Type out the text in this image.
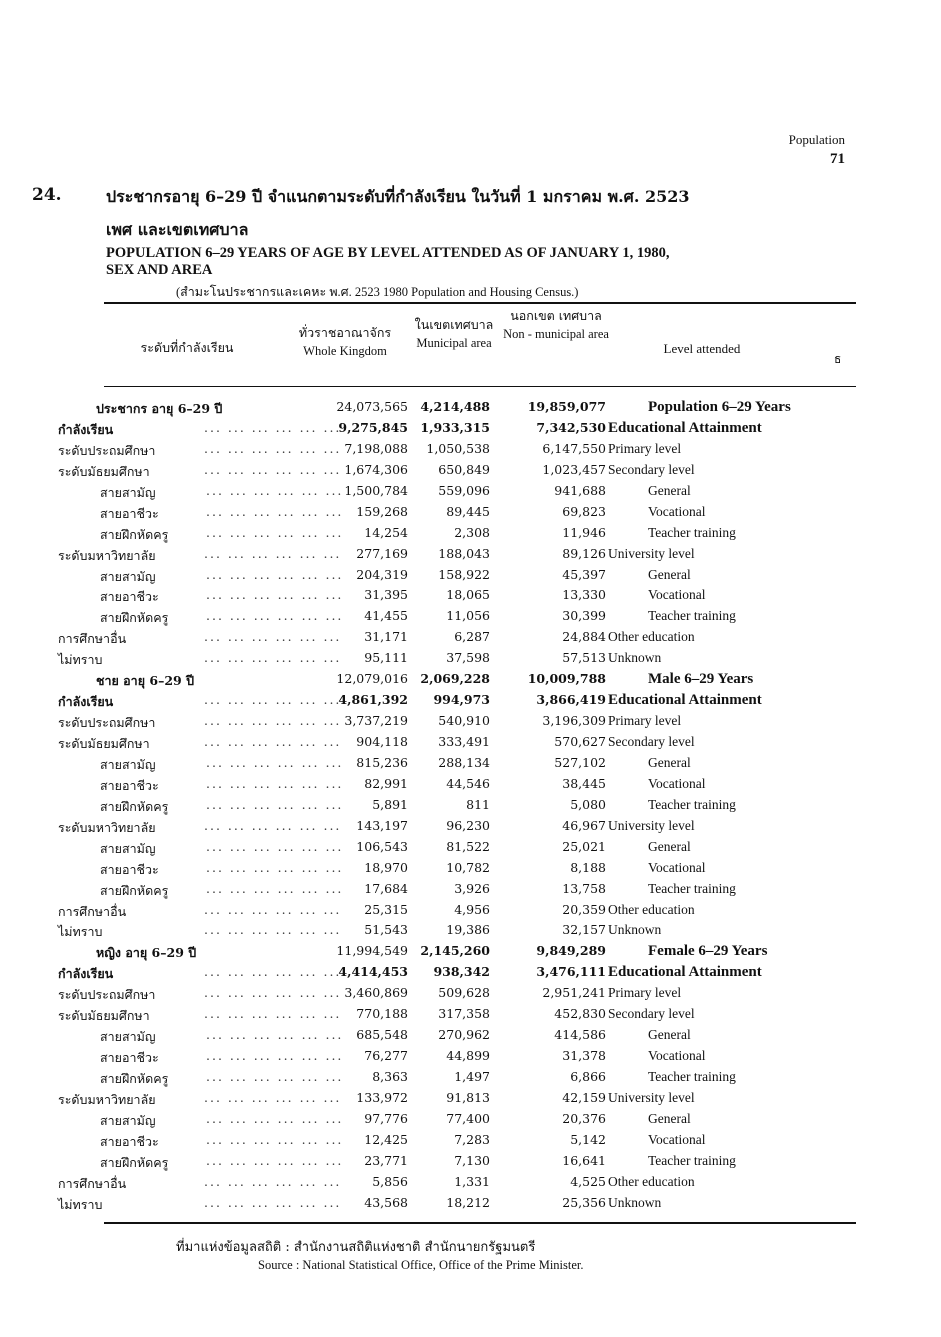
Population
71
24.	ประชากรอายุ 6–29 ปี จำแนกตามระดับที่กำลังเรียน ในวันที่ 1 มกราคม พ.ศ. 2523
เพศ และเขตเทศบาล
POPULATION 6–29 YEARS OF AGE BY LEVEL ATTENDED AS OF JANUARY 1, 1980,
SEX AND AREA
(สำมะโนประชากรและเคหะ พ.ศ. 2523 1980 Population and Housing Census.)
ระดับที่กำลังเรียน
ทั่วราชอาณาจักร
Whole Kingdom
ในเขตเทศบาล
Municipal area
นอกเขต เทศบาล
Non - municipal area
Level attended
ธ
ประชากร อายุ 6–29 ปี	24,073,565 4,214,488	19,859,077	Population 6–29 Years
กำลังเรียน	9,275,845 1,933,315	7,342,530 Educational Attainment
... ... ... ... ... ...
ระดับประถมศึกษา	7,198,088 1,050,538	6,147,550 Primary level
... ... ... ... ... ...
ระดับมัธยมศึกษา	1,674,306 650,849	1,023,457 Secondary level
... ... ... ... ... ...
สายสามัญ	1,500,784 559,096	941,688	General
... ... ... ... ... ...
สายอาชีวะ	159,268	89,445	69,823	Vocational
... ... ... ... ... ...
สายฝึกหัดครู	14,254	2,308	11,946	Teacher training
... ... ... ... ... ...
ระดับมหาวิทยาลัย	277,169 188,043	89,126 University level
... ... ... ... ... ...
สายสามัญ	204,319 158,922	45,397	General
... ... ... ... ... ...
สายอาชีวะ	31,395	18,065	13,330	Vocational
... ... ... ... ... ...
สายฝึกหัดครู	41,455	11,056	30,399	Teacher training
... ... ... ... ... ...
การศึกษาอื่น	31,171	6,287	24,884 Other education
... ... ... ... ... ...
ไม่ทราบ	95,111	37,598	57,513 Unknown
... ... ... ... ... ...
ชาย อายุ 6–29 ปี	12,079,016 2,069,228	10,009,788	Male 6–29 Years
กำลังเรียน	4,861,392 994,973	3,866,419 Educational Attainment
... ... ... ... ... ...
ระดับประถมศึกษา	3,737,219 540,910	3,196,309 Primary level
... ... ... ... ... ...
ระดับมัธยมศึกษา	904,118 333,491	570,627 Secondary level
... ... ... ... ... ...
สายสามัญ	815,236 288,134	527,102	General
... ... ... ... ... ...
สายอาชีวะ	82,991	44,546	38,445	Vocational
... ... ... ... ... ...
สายฝึกหัดครู	5,891	811	5,080	Teacher training
... ... ... ... ... ...
ระดับมหาวิทยาลัย	143,197	96,230	46,967 University level
... ... ... ... ... ...
สายสามัญ	106,543	81,522	25,021	General
... ... ... ... ... ...
สายอาชีวะ	18,970	10,782	8,188	Vocational
... ... ... ... ... ...
สายฝึกหัดครู	17,684	3,926	13,758	Teacher training
... ... ... ... ... ...
การศึกษาอื่น	25,315	4,956	20,359 Other education
... ... ... ... ... ...
ไม่ทราบ	51,543	19,386	32,157 Unknown
... ... ... ... ... ...
หญิง อายุ 6–29 ปี	11,994,549 2,145,260	9,849,289	Female 6–29 Years
กำลังเรียน	4,414,453 938,342	3,476,111 Educational Attainment
... ... ... ... ... ...
ระดับประถมศึกษา	3,460,869 509,628	2,951,241 Primary level
... ... ... ... ... ...
ระดับมัธยมศึกษา	770,188 317,358	452,830 Secondary level
... ... ... ... ... ...
สายสามัญ	685,548 270,962	414,586	General
... ... ... ... ... ...
สายอาชีวะ	76,277	44,899	31,378	Vocational
... ... ... ... ... ...
สายฝึกหัดครู	8,363	1,497	6,866	Teacher training
... ... ... ... ... ...
ระดับมหาวิทยาลัย	133,972	91,813	42,159 University level
... ... ... ... ... ...
สายสามัญ	97,776	77,400	20,376	General
... ... ... ... ... ...
สายอาชีวะ	12,425	7,283	5,142	Vocational
... ... ... ... ... ...
สายฝึกหัดครู	23,771	7,130	16,641	Teacher training
... ... ... ... ... ...
การศึกษาอื่น	5,856	1,331	4,525 Other education
... ... ... ... ... ...
ไม่ทราบ	43,568	18,212	25,356 Unknown
... ... ... ... ... ...
ที่มาแห่งข้อมูลสถิติ : สำนักงานสถิติแห่งชาติ สำนักนายกรัฐมนตรี
Source : National Statistical Office, Office of the Prime Minister.
